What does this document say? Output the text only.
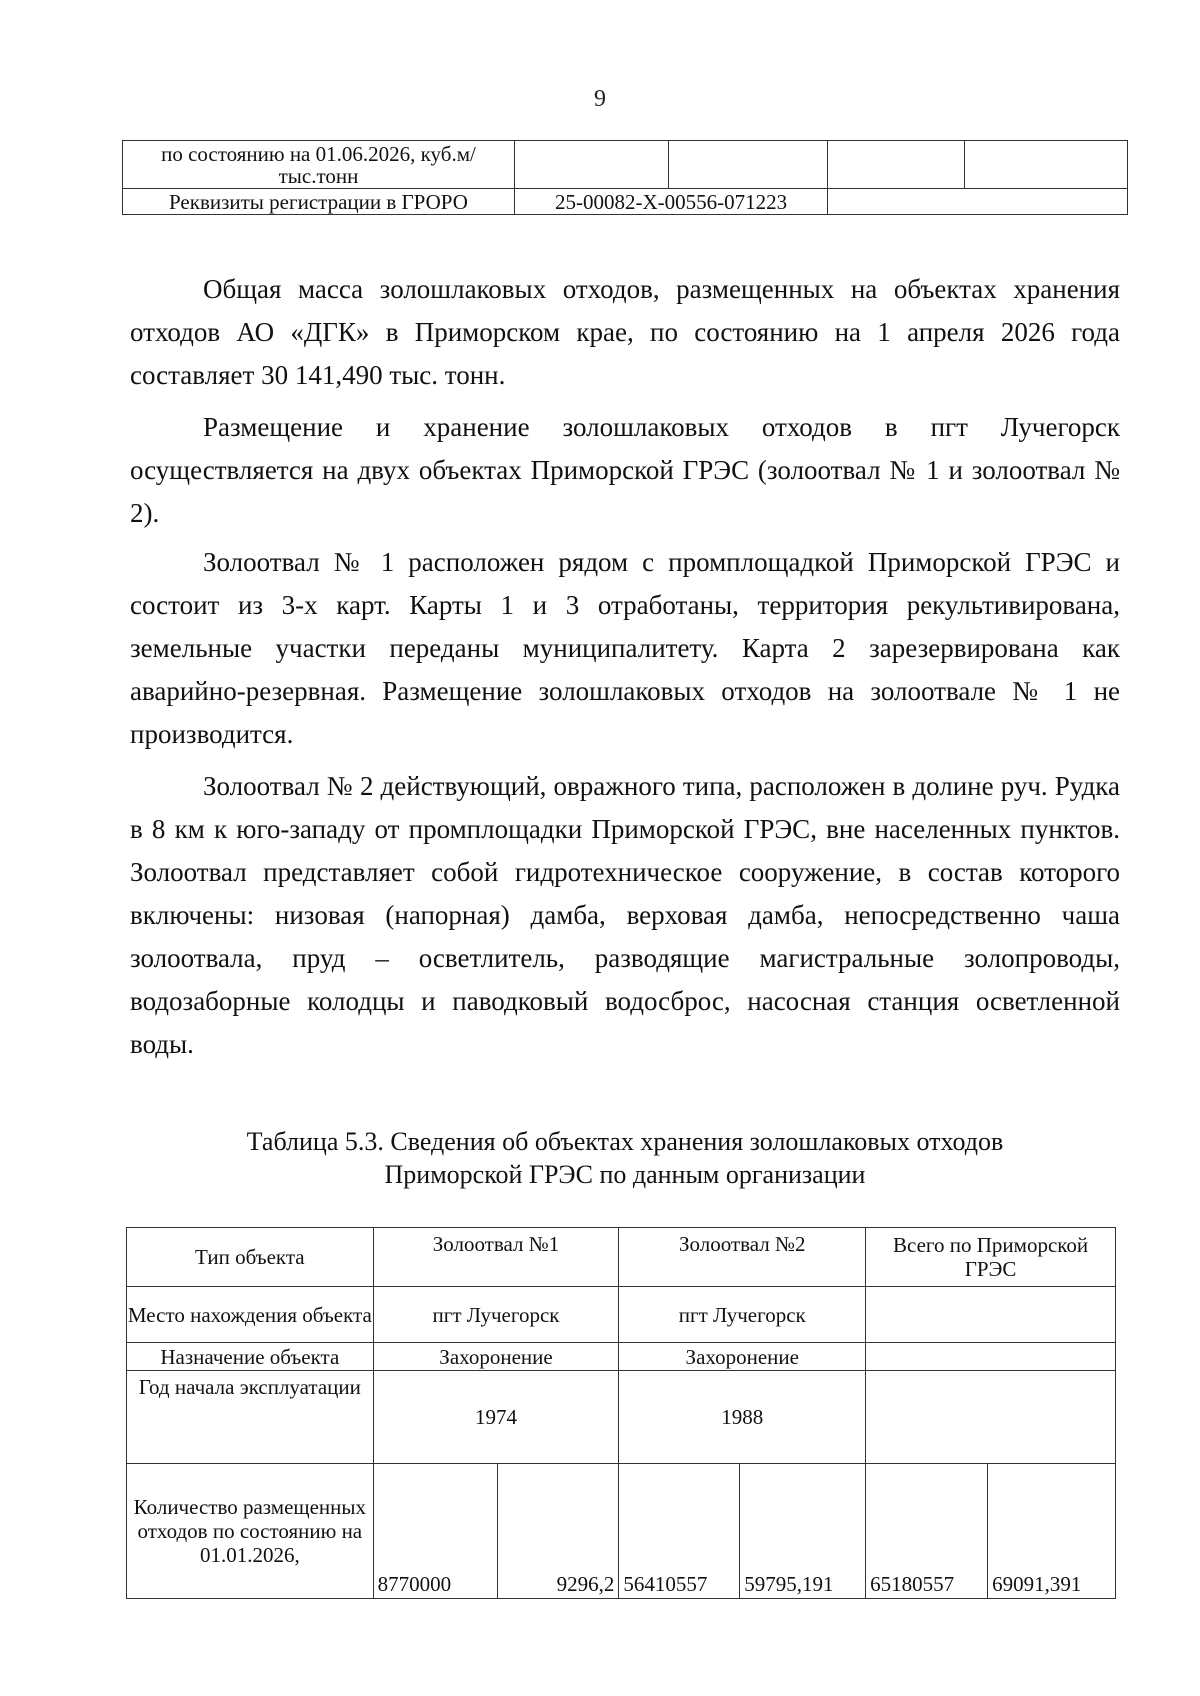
9
по состоянию на 01.06.2026, куб.м/тыс.тонн				
Реквизиты регистрации в ГРОРО	25-00082-Х-00556-071223			

Общая масса золошлаковых отходов, размещенных на объектах хранения отходов АО «ДГК» в Приморском крае, по состоянию на 1 апреля 2026 года составляет 30 141,490 тыс. тонн.

Размещение и хранение золошлаковых отходов в пгт Лучегорск осуществляется на двух объектах Приморской ГРЭС (золоотвал № 1 и золоотвал № 2).

Золоотвал № 1 расположен рядом с промплощадкой Приморской ГРЭС и состоит из 3-х карт. Карты 1 и 3 отработаны, территория рекультивирована, земельные участки переданы муниципалитету. Карта 2 зарезервирована как аварийно-резервная. Размещение золошлаковых отходов на золоотвале № 1 не производится.

Золоотвал № 2 действующий, овражного типа, расположен в долине руч. Рудка в 8 км к юго-западу от промплощадки Приморской ГРЭС, вне населенных пунктов. Золоотвал представляет собой гидротехническое сооружение, в состав которого включены: низовая (напорная) дамба, верховая дамба, непосредственно чаша золоотвала, пруд – осветлитель, разводящие магистральные золопроводы, водозаборные колодцы и паводковый водосброс, насосная станция осветленной воды.

Таблица 5.3. Сведения об объектах хранения золошлаковых отходов
Приморской ГРЭС по данным организации
Тип объекта	Золоотвал №1		Золоотвал №2		Всего по Приморской ГРЭС	
Место нахождения объекта	пгт Лучегорск		пгт Лучегорск			
Назначение объекта	Захоронение		Захоронение			
Год начала эксплуатации	1974		1988			
Количество размещенных отходов по состоянию на 01.01.2026,	8770000	9296,2	56410557	59795,191	65180557	69091,391
